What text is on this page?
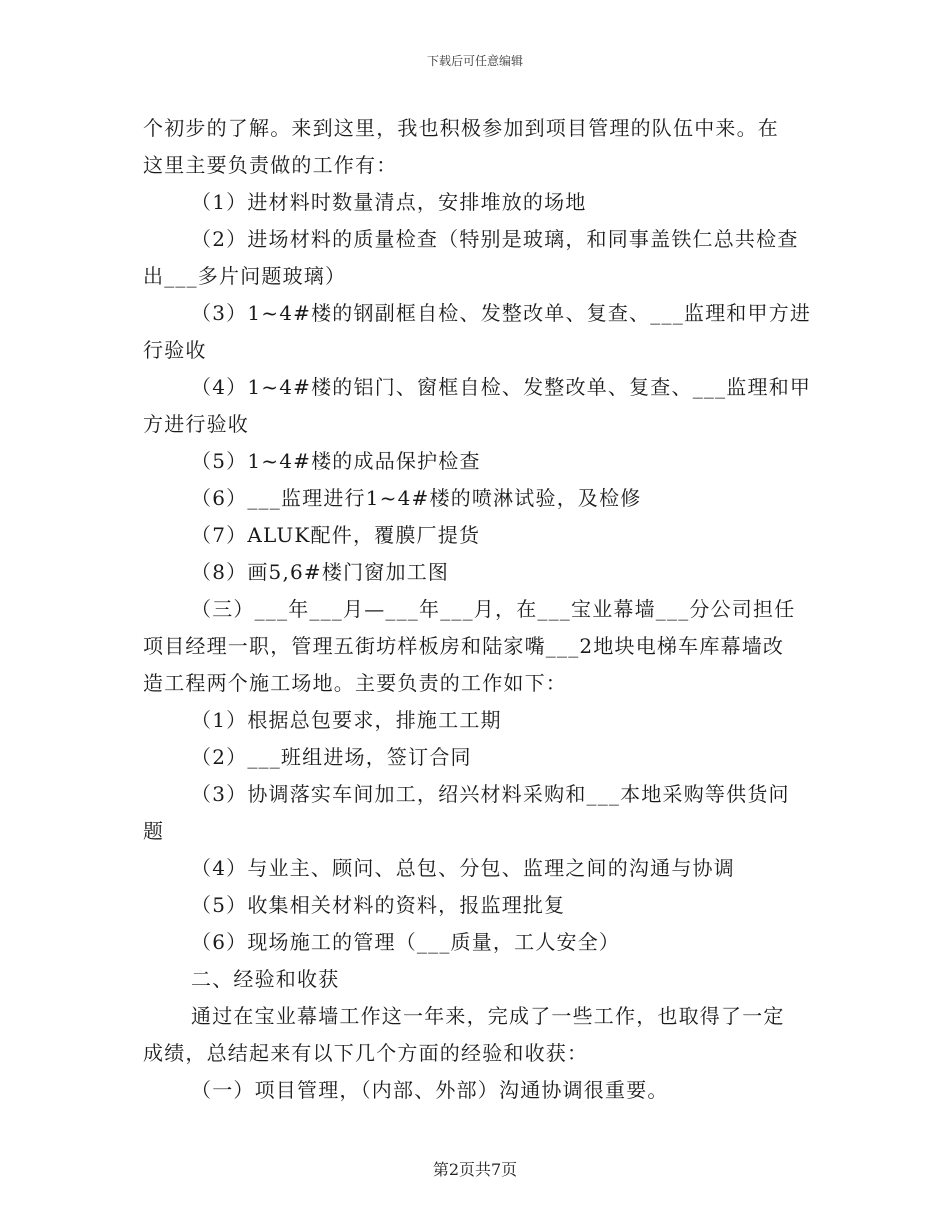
下载后可任意编辑
个初步的了解。来到这里，我也积极参加到项目管理的队伍中来。在
这里主要负责做的工作有：
（1）进材料时数量清点，安排堆放的场地
（2）进场材料的质量检查（特别是玻璃，和同事盖铁仁总共检查
出___多片问题玻璃）
（3）1~4#楼的钢副框自检、发整改单、复查、___监理和甲方进
行验收
（4）1~4#楼的铝门、窗框自检、发整改单、复查、___监理和甲
方进行验收
（5）1~4#楼的成品保护检查
（6）___监理进行1~4#楼的喷淋试验，及检修
（7）ALUK配件，覆膜厂提货
（8）画5,6#楼门窗加工图
（三）___年___月—___年___月，在___宝业幕墙___分公司担任
项目经理一职，管理五街坊样板房和陆家嘴___2地块电梯车库幕墙改
造工程两个施工场地。主要负责的工作如下：
（1）根据总包要求，排施工工期
（2）___班组进场，签订合同
（3）协调落实车间加工，绍兴材料采购和___本地采购等供货问
题
（4）与业主、顾问、总包、分包、监理之间的沟通与协调
（5）收集相关材料的资料，报监理批复
（6）现场施工的管理（___质量，工人安全）
二、经验和收获
通过在宝业幕墙工作这一年来，完成了一些工作，也取得了一定
成绩，总结起来有以下几个方面的经验和收获：
（一）项目管理，（内部、外部）沟通协调很重要。
第2页共7页
